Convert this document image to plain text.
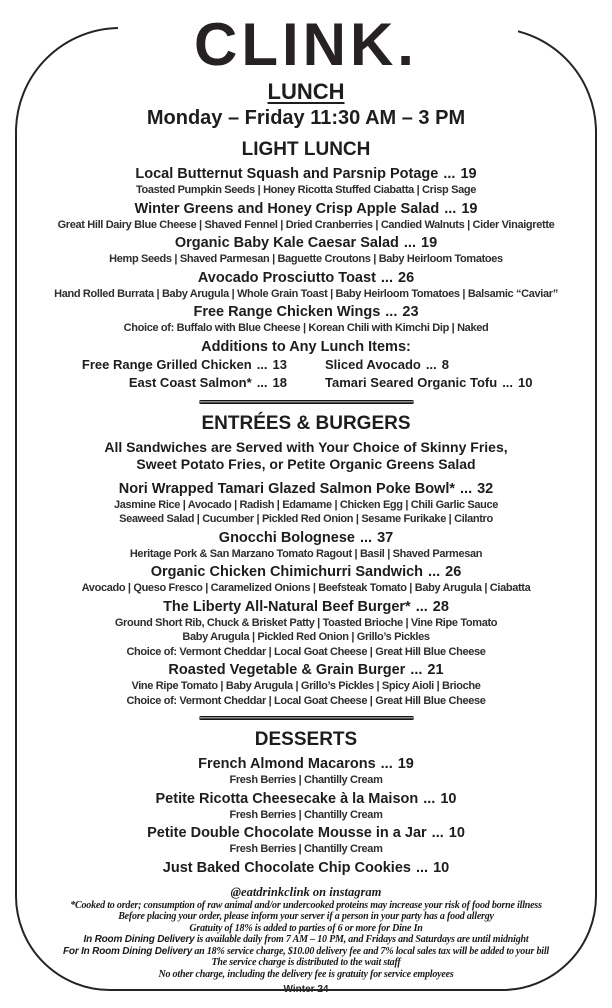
CLINK.
LUNCH
Monday – Friday 11:30 AM – 3 PM
LIGHT LUNCH
Local Butternut Squash and Parsnip Potage ... 19
Toasted Pumpkin Seeds | Honey Ricotta Stuffed Ciabatta | Crisp Sage
Winter Greens and Honey Crisp Apple Salad ... 19
Great Hill Dairy Blue Cheese | Shaved Fennel | Dried Cranberries | Candied Walnuts | Cider Vinaigrette
Organic Baby Kale Caesar Salad ... 19
Hemp Seeds | Shaved Parmesan | Baguette Croutons | Baby Heirloom Tomatoes
Avocado Prosciutto Toast ... 26
Hand Rolled Burrata | Baby Arugula | Whole Grain Toast | Baby Heirloom Tomatoes | Balsamic “Caviar”
Free Range Chicken Wings ... 23
Choice of: Buffalo with Blue Cheese | Korean Chili with Kimchi Dip | Naked
Additions to Any Lunch Items:
Free Range Grilled Chicken ... 13
East Coast Salmon* ... 18
Sliced Avocado ... 8
Tamari Seared Organic Tofu ... 10
ENTRÉES & BURGERS
All Sandwiches are Served with Your Choice of Skinny Fries,
Sweet Potato Fries, or Petite Organic Greens Salad
Nori Wrapped Tamari Glazed Salmon Poke Bowl* ... 32
Jasmine Rice | Avocado | Radish | Edamame | Chicken Egg | Chili Garlic Sauce
Seaweed Salad | Cucumber | Pickled Red Onion | Sesame Furikake | Cilantro
Gnocchi Bolognese ... 37
Heritage Pork & San Marzano Tomato Ragout | Basil | Shaved Parmesan
Organic Chicken Chimichurri Sandwich ... 26
Avocado | Queso Fresco | Caramelized Onions | Beefsteak Tomato | Baby Arugula | Ciabatta
The Liberty All-Natural Beef Burger* ... 28
Ground Short Rib, Chuck & Brisket Patty | Toasted Brioche | Vine Ripe Tomato
Baby Arugula | Pickled Red Onion | Grillo’s Pickles
Choice of: Vermont Cheddar | Local Goat Cheese | Great Hill Blue Cheese
Roasted Vegetable & Grain Burger ... 21
Vine Ripe Tomato | Baby Arugula | Grillo’s Pickles | Spicy Aioli | Brioche
Choice of: Vermont Cheddar | Local Goat Cheese | Great Hill Blue Cheese
DESSERTS
French Almond Macarons ... 19
Fresh Berries | Chantilly Cream
Petite Ricotta Cheesecake à la Maison ... 10
Fresh Berries | Chantilly Cream
Petite Double Chocolate Mousse in a Jar ... 10
Fresh Berries | Chantilly Cream
Just Baked Chocolate Chip Cookies ... 10
@eatdrinkclink on instagram
*Cooked to order; consumption of raw animal and/or undercooked proteins may increase your risk of food borne illness
Before placing your order, please inform your server if a person in your party has a food allergy
Gratuity of 18% is added to parties of 6 or more for Dine In
In Room Dining Delivery is available daily from 7 AM – 10 PM, and Fridays and Saturdays are until midnight
For In Room Dining Delivery an 18% service charge, $10.00 delivery fee and 7% local sales tax will be added to your bill
The service charge is distributed to the wait staff
No other charge, including the delivery fee is gratuity for service employees
Winter 24
